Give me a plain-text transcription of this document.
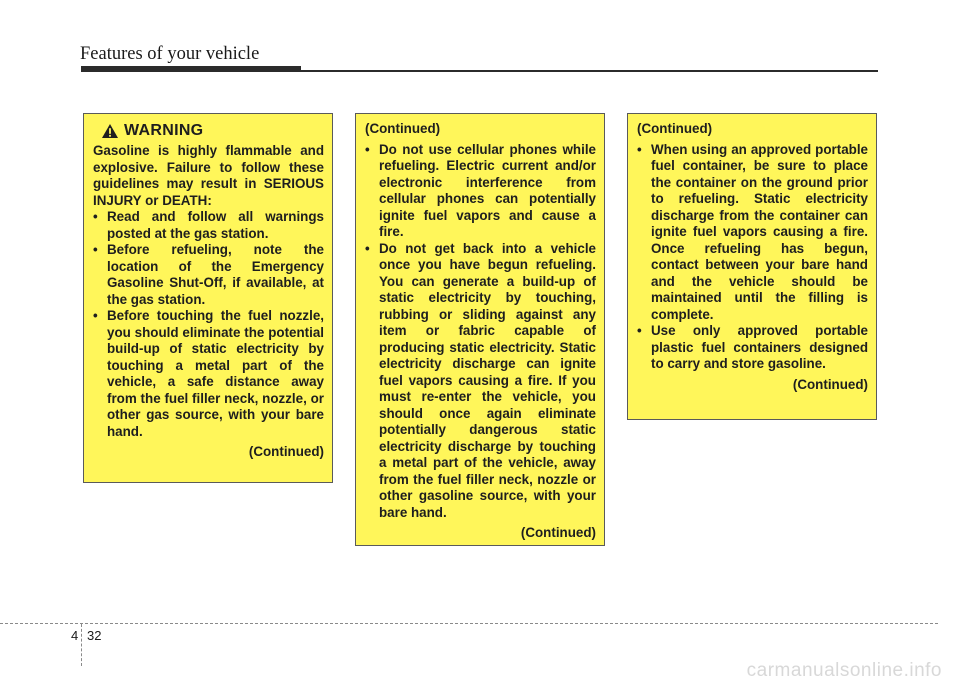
Features of your vehicle
WARNING

Gasoline is highly flammable and explosive. Failure to follow these guidelines may result in SERIOUS INJURY or DEATH:

• Read and follow all warnings posted at the gas station.

• Before refueling, note the location of the Emergency Gasoline Shut-Off, if available, at the gas station.

• Before touching the fuel nozzle, you should eliminate the potential build-up of static electricity by touching a metal part of the vehicle, a safe distance away from the fuel filler neck, nozzle, or other gas source, with your bare hand.

(Continued)

(Continued)

• Do not use cellular phones while refueling. Electric current and/or electronic interference from cellular phones can potentially ignite fuel vapors and cause a fire.

• Do not get back into a vehicle once you have begun refueling. You can generate a build-up of static electricity by touching, rubbing or sliding against any item or fabric capable of producing static electricity. Static electricity discharge can ignite fuel vapors causing a fire. If you must re-enter the vehicle, you should once again eliminate potentially dangerous static electricity discharge by touching a metal part of the vehicle, away from the fuel filler neck, nozzle or other gasoline source, with your bare hand.

(Continued)

(Continued)

• When using an approved portable fuel container, be sure to place the container on the ground prior to refueling. Static electricity discharge from the container can ignite fuel vapors causing a fire. Once refueling has begun, contact between your bare hand and the vehicle should be maintained until the filling is complete.

• Use only approved portable plastic fuel containers designed to carry and store gasoline.

(Continued)

4 32
carmanualsonline.info
